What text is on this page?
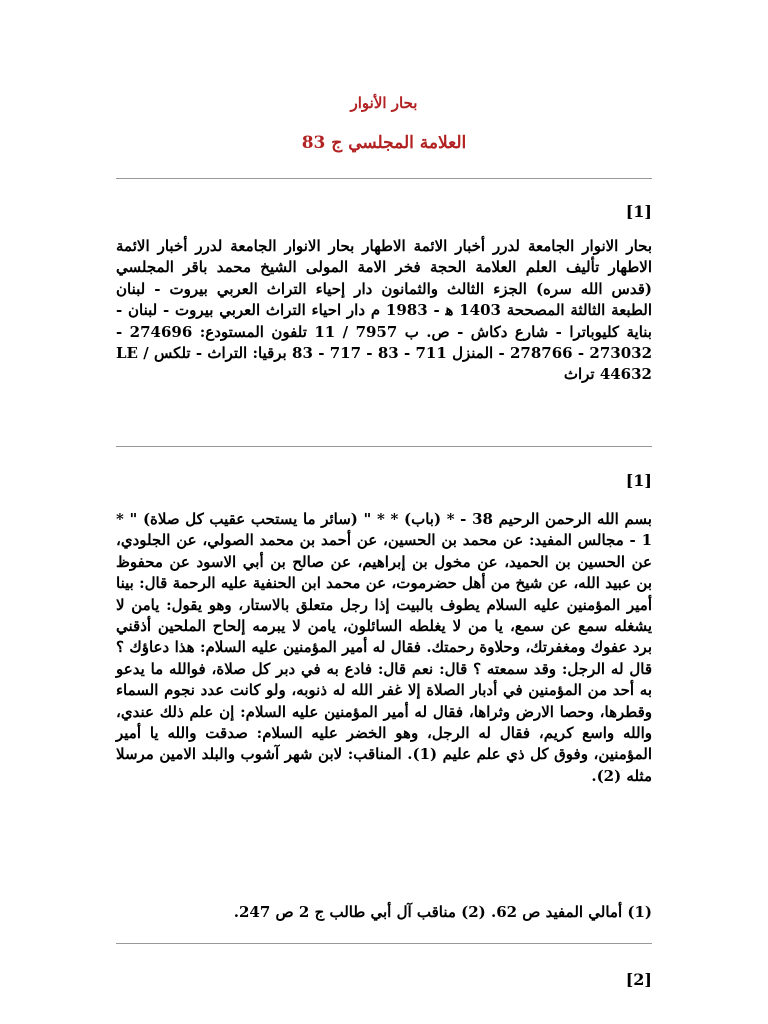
بحار الأنوار
العلامة المجلسي ج 83
[1]
بحار الانوار الجامعة لدرر أخبار الائمة الاطهار بحار الانوار الجامعة لدرر أخبار الائمة الاطهار تأليف العلم العلامة الحجة فخر الامة المولى الشيخ محمد باقر المجلسي (قدس الله سره) الجزء الثالث والثمانون دار إحياء التراث العربي بيروت - لبنان الطبعة الثالثة المصححة 1403 ه‍ - 1983 م دار احياء التراث العربي بيروت - لبنان - بناية كليوباترا - شارع دكاش - ص. ب 7957 / 11 تلفون المستودع: 274696 - 273032 - 278766 - المنزل 711 - 83 - 717 - 83 برقيا: التراث - تلكس LE / 44632 تراث
[1]
بسم الله الرحمن الرحيم 38 - * (باب) * * " (سائر ما يستحب عقيب كل صلاة) " * 1 - مجالس المفيد: عن محمد بن الحسين، عن أحمد بن محمد الصولي، عن الجلودي، عن الحسين بن الحميد، عن مخول بن إبراهيم، عن صالح بن أبي الاسود عن محفوظ بن عبيد الله، عن شيخ من أهل حضرموت، عن محمد ابن الحنفية عليه الرحمة قال: بينا أمير المؤمنين عليه السلام يطوف بالبيت إذا رجل متعلق بالاستار، وهو يقول: يامن لا يشغله سمع عن سمع، يا من لا يغلطه السائلون، يامن لا يبرمه إلحاح الملحين أذقني برد عفوك ومغفرتك، وحلاوة رحمتك. فقال له أمير المؤمنين عليه السلام: هذا دعاؤك ؟ قال له الرجل: وقد سمعته ؟ قال: نعم قال: فادع به في دبر كل صلاة، فوالله ما يدعو به أحد من المؤمنين في أدبار الصلاة إلا غفر الله له ذنوبه، ولو كانت عدد نجوم السماء وقطرها، وحصا الارض وثراها، فقال له أمير المؤمنين عليه السلام: إن علم ذلك عندي، والله واسع كريم، فقال له الرجل، وهو الخضر عليه السلام: صدقت والله يا أمير المؤمنين، وفوق كل ذي علم عليم (1). المناقب: لابن شهر آشوب والبلد الامين مرسلا مثله (2).
(1) أمالي المفيد ص 62. (2) مناقب آل أبي طالب ج 2 ص 247.
[2]
